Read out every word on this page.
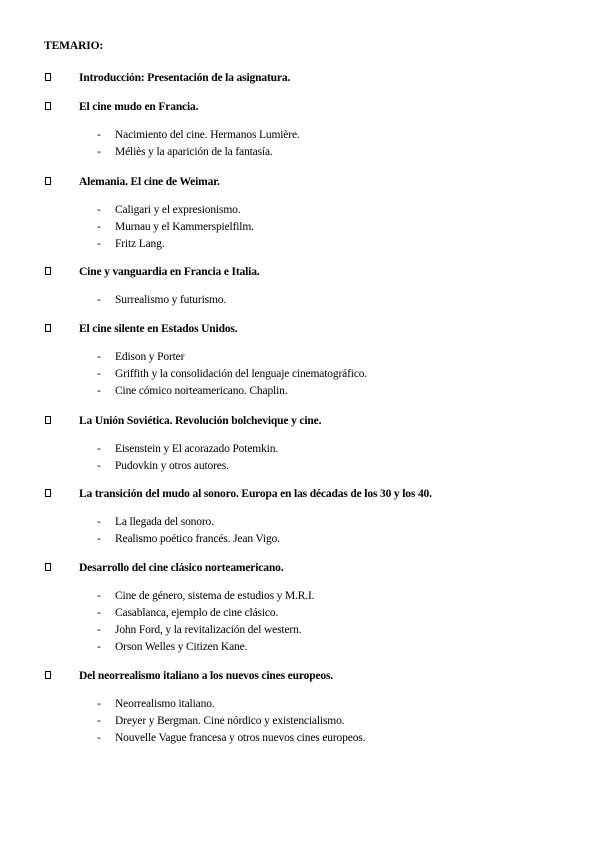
TEMARIO:
Introducción: Presentación de la asignatura.
El cine mudo en Francia.
- Nacimiento del cine. Hermanos Lumière.
- Méliès y la aparición de la fantasía.
Alemania. El cine de Weimar.
- Caligari y el expresionismo.
- Murnau y el Kammerspielfilm.
- Fritz Lang.
Cine y vanguardia en Francia e Italia.
- Surrealismo y futurismo.
El cine silente en Estados Unidos.
- Edison y Porter
- Griffith y la consolidación del lenguaje cinematográfico.
- Cine cómico norteamericano. Chaplin.
La Unión Soviética. Revolución bolchevique y cine.
- Eisenstein y El acorazado Potemkin.
- Pudovkin y otros autores.
La transición del mudo al sonoro. Europa en las décadas de los 30 y los 40.
- La llegada del sonoro.
- Realismo poético francés. Jean Vigo.
Desarrollo del cine clásico norteamericano.
- Cine de género, sistema de estudios y M.R.I.
- Casablanca, ejemplo de cine clásico.
- John Ford, y la revitalización del western.
- Orson Welles y Citizen Kane.
Del neorrealismo italiano a los nuevos cines europeos.
- Neorrealismo italiano.
- Dreyer y Bergman. Cine nórdico y existencialismo.
- Nouvelle Vague francesa y otros nuevos cines europeos.
